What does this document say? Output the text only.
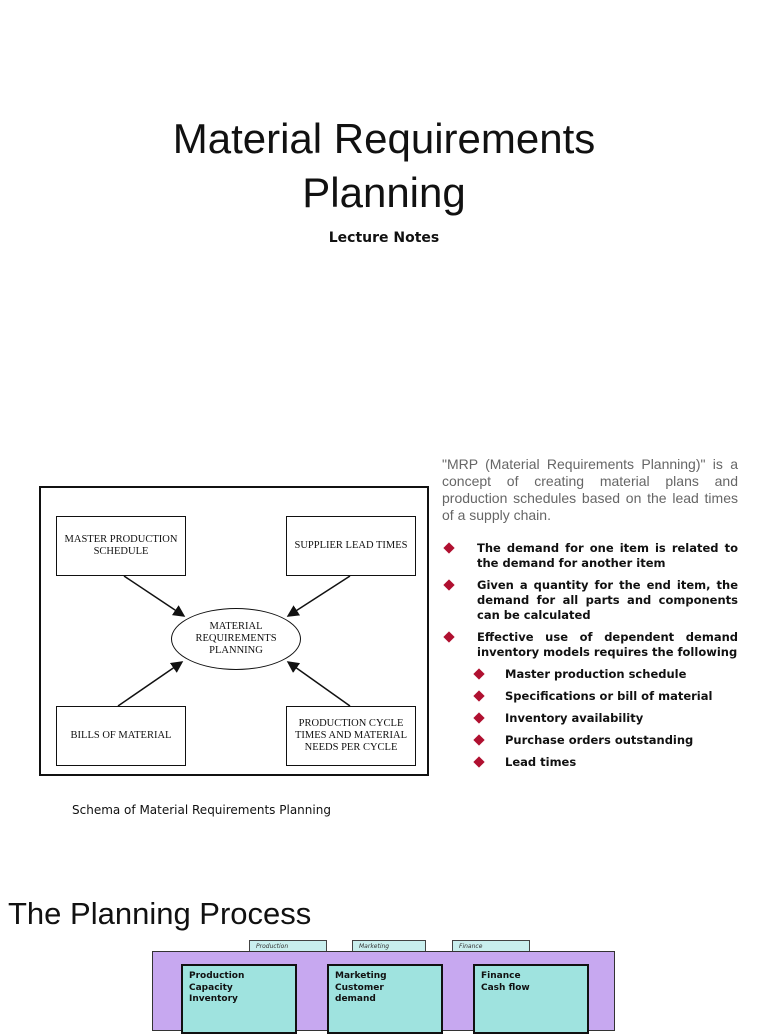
Material Requirements
Planning
Lecture Notes
MASTER PRODUCTION SCHEDULE
SUPPLIER LEAD TIMES
MATERIAL REQUIREMENTS PLANNING
BILLS OF MATERIAL
PRODUCTION CYCLE TIMES AND MATERIAL NEEDS PER CYCLE
Schema of Material Requirements Planning
"MRP (Material Requirements Planning)" is a concept of creating material plans and production schedules based on the lead times of a supply chain.
The demand for one item is related to the demand for another item
Given a quantity for the end item, the demand for all parts and components can be calculated
Effective use of dependent demand inventory models requires the following
Master production schedule
Specifications or bill of material
Inventory availability
Purchase orders outstanding
Lead times
The Planning Process
Production	Marketing	Finance
Production
Capacity
Inventory
Marketing
Customer
demand
Finance
Cash flow
